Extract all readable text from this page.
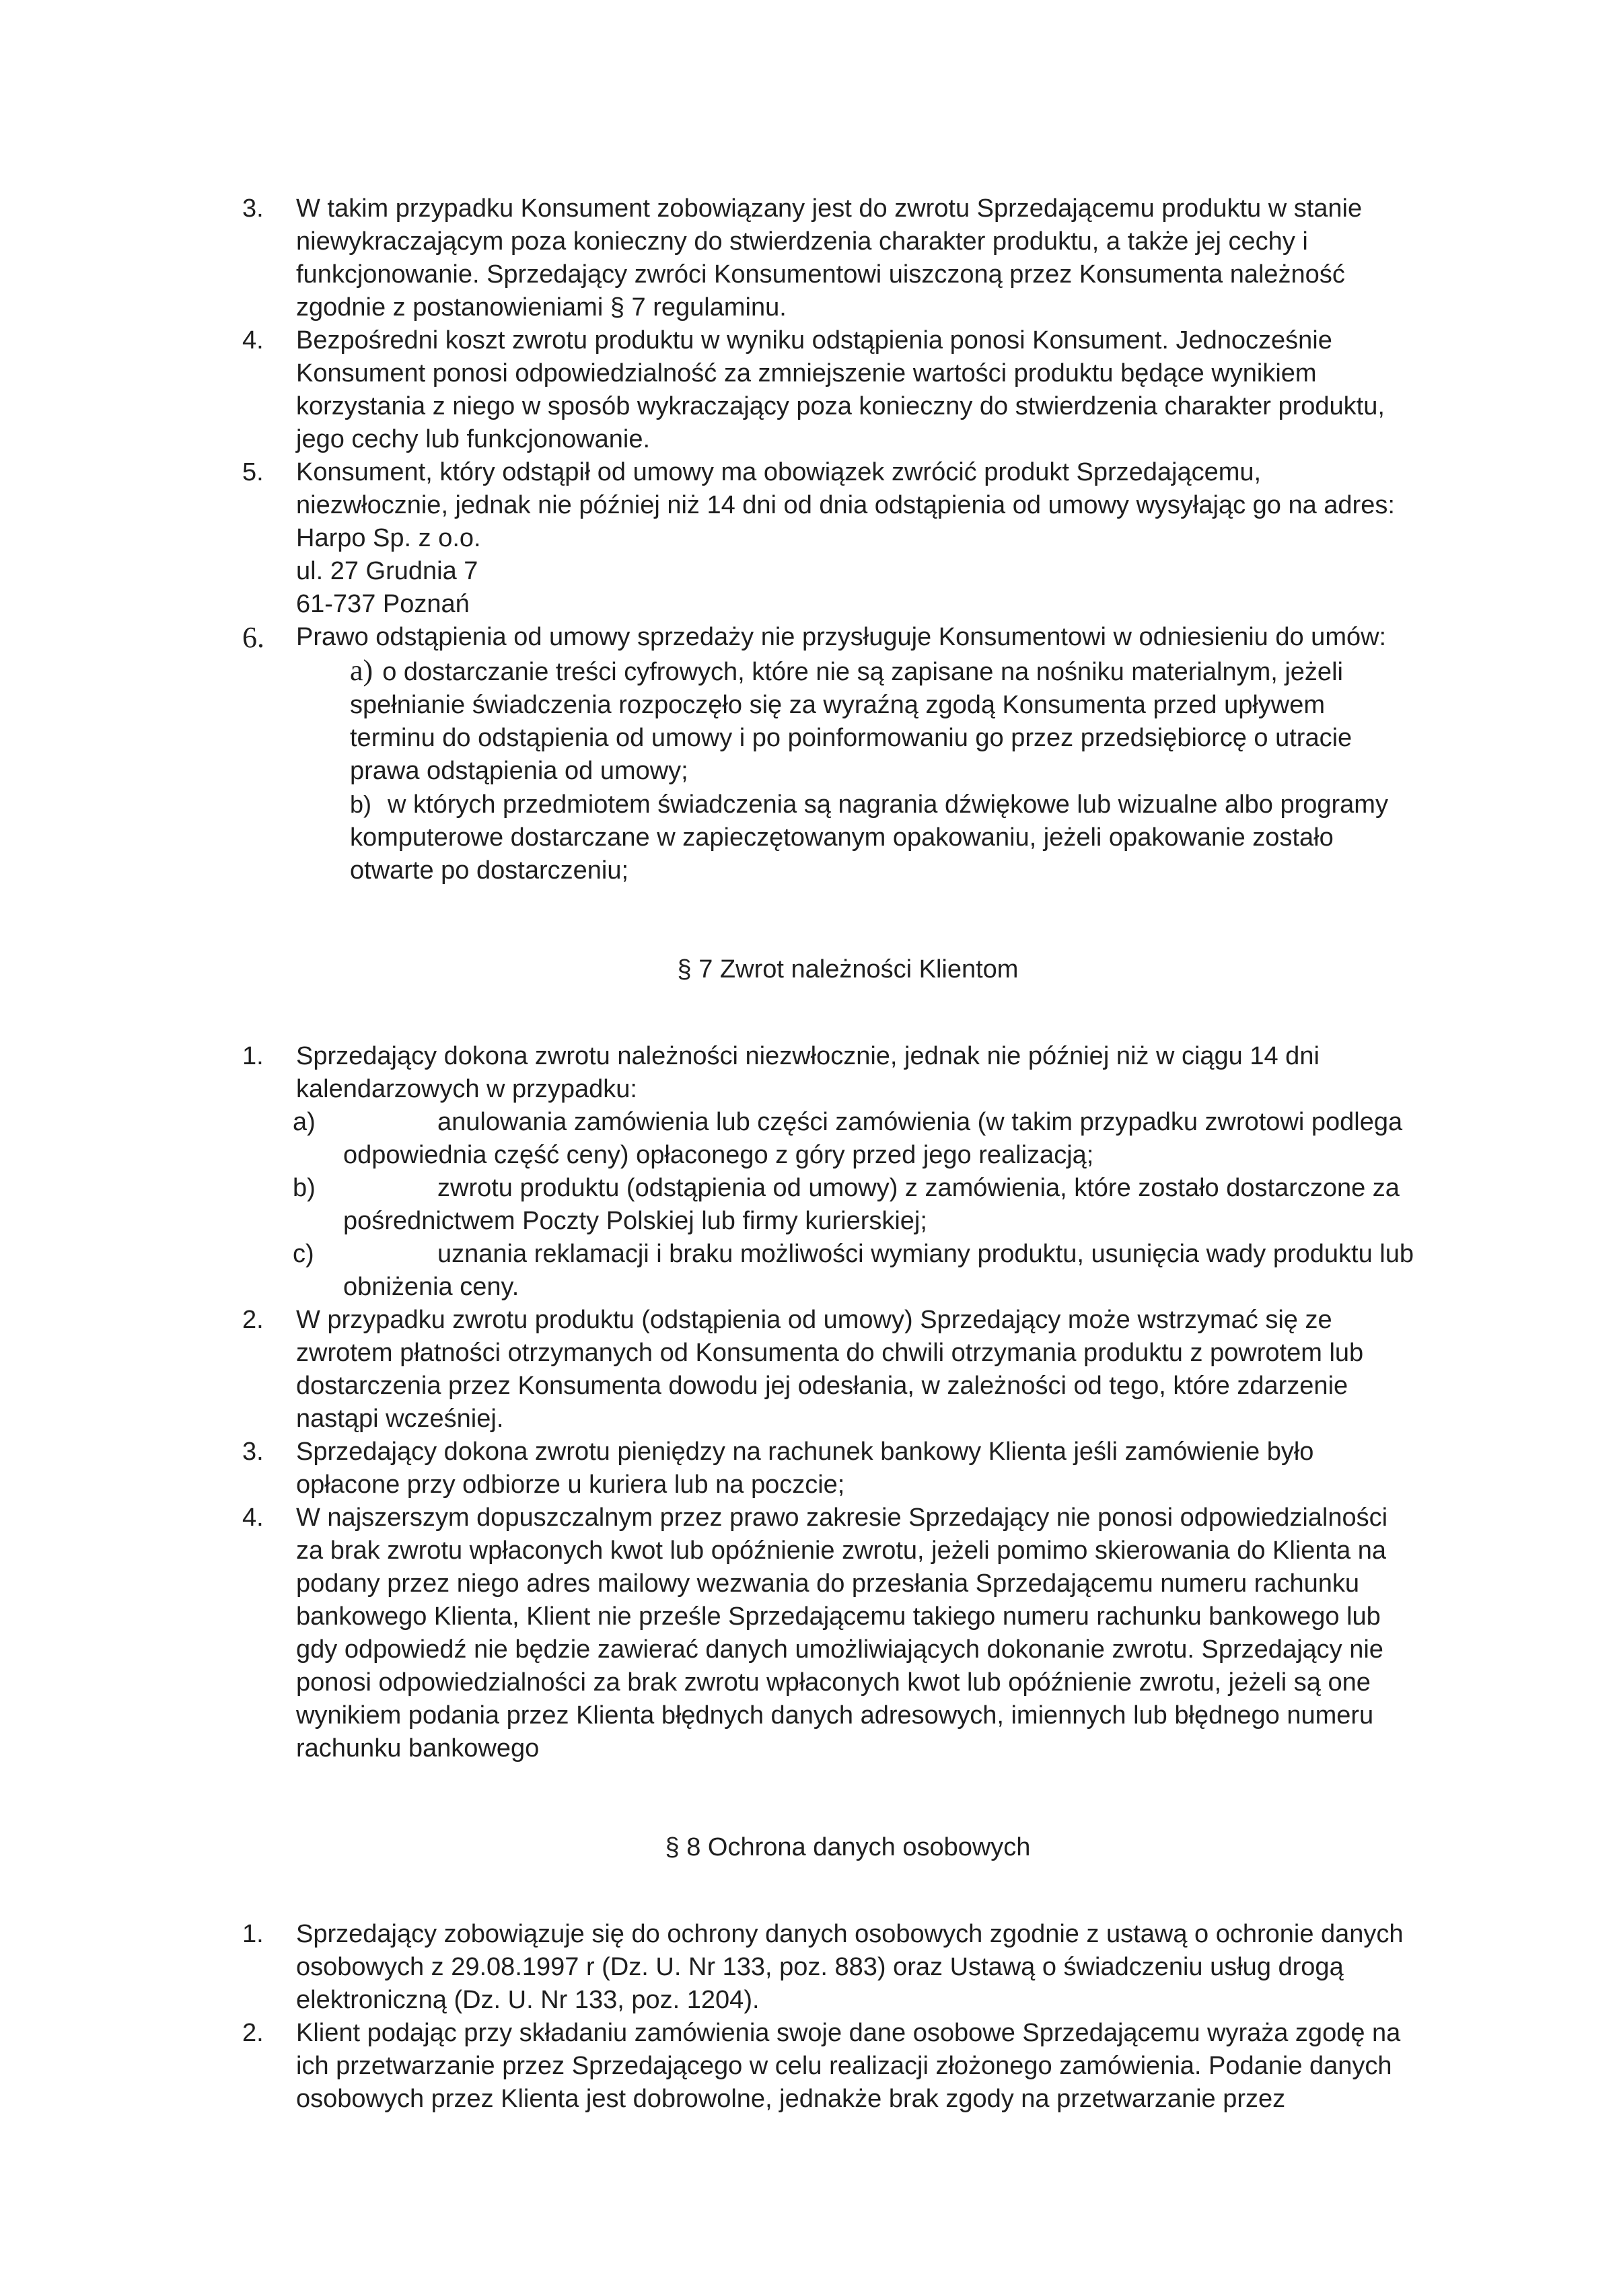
3. W takim przypadku Konsument zobowiązany jest do zwrotu Sprzedającemu produktu w stanie
niewykraczającym poza konieczny do stwierdzenia charakter produktu, a także jej cechy i
funkcjonowanie. Sprzedający zwróci Konsumentowi uiszczoną przez Konsumenta należność
zgodnie z postanowieniami § 7 regulaminu.
4. Bezpośredni koszt zwrotu produktu w wyniku odstąpienia ponosi Konsument. Jednocześnie
Konsument ponosi odpowiedzialność za zmniejszenie wartości produktu będące wynikiem
korzystania z niego w sposób wykraczający poza konieczny do stwierdzenia charakter produktu,
jego cechy lub funkcjonowanie.
5. Konsument, który odstąpił od umowy ma obowiązek zwrócić produkt Sprzedającemu,
niezwłocznie, jednak nie później niż 14 dni od dnia odstąpienia od umowy wysyłając go na adres:
Harpo Sp. z o.o.
ul. 27 Grudnia 7
61-737 Poznań
6. Prawo odstąpienia od umowy sprzedaży nie przysługuje Konsumentowi w odniesieniu do umów:
a) o dostarczanie treści cyfrowych, które nie są zapisane na nośniku materialnym, jeżeli
spełnianie świadczenia rozpoczęło się za wyraźną zgodą Konsumenta przed upływem
terminu do odstąpienia od umowy i po poinformowaniu go przez przedsiębiorcę o utracie
prawa odstąpienia od umowy;
b) w których przedmiotem świadczenia są nagrania dźwiękowe lub wizualne albo programy
komputerowe dostarczane w zapieczętowanym opakowaniu, jeżeli opakowanie zostało
otwarte po dostarczeniu;
§ 7 Zwrot należności Klientom
1. Sprzedający dokona zwrotu należności niezwłocznie, jednak nie później niż w ciągu 14 dni
kalendarzowych w przypadku:
a)	anulowania zamówienia lub części zamówienia (w takim przypadku zwrotowi podlega
odpowiednia część ceny) opłaconego z góry przed jego realizacją;
b)	zwrotu produktu (odstąpienia od umowy) z zamówienia, które zostało dostarczone za
pośrednictwem Poczty Polskiej lub firmy kurierskiej;
c)	uznania reklamacji i braku możliwości wymiany produktu, usunięcia wady produktu lub
obniżenia ceny.
2. W przypadku zwrotu produktu (odstąpienia od umowy) Sprzedający może wstrzymać się ze
zwrotem płatności otrzymanych od Konsumenta do chwili otrzymania produktu z powrotem lub
dostarczenia przez Konsumenta dowodu jej odesłania, w zależności od tego, które zdarzenie
nastąpi wcześniej.
3. Sprzedający dokona zwrotu pieniędzy na rachunek bankowy Klienta jeśli zamówienie było
opłacone przy odbiorze u kuriera lub na poczcie;
4. W najszerszym dopuszczalnym przez prawo zakresie Sprzedający nie ponosi odpowiedzialności
za brak zwrotu wpłaconych kwot lub opóźnienie zwrotu, jeżeli pomimo skierowania do Klienta na
podany przez niego adres mailowy wezwania do przesłania Sprzedającemu numeru rachunku
bankowego Klienta, Klient nie prześle Sprzedającemu takiego numeru rachunku bankowego lub
gdy odpowiedź nie będzie zawierać danych umożliwiających dokonanie zwrotu. Sprzedający nie
ponosi odpowiedzialności za brak zwrotu wpłaconych kwot lub opóźnienie zwrotu, jeżeli są one
wynikiem podania przez Klienta błędnych danych adresowych, imiennych lub błędnego numeru
rachunku bankowego
§ 8 Ochrona danych osobowych
1. Sprzedający zobowiązuje się do ochrony danych osobowych zgodnie z ustawą o ochronie danych
osobowych z 29.08.1997 r (Dz. U. Nr 133, poz. 883) oraz Ustawą o świadczeniu usług drogą
elektroniczną (Dz. U. Nr 133, poz. 1204).
2. Klient podając przy składaniu zamówienia swoje dane osobowe Sprzedającemu wyraża zgodę na
ich przetwarzanie przez Sprzedającego w celu realizacji złożonego zamówienia. Podanie danych
osobowych przez Klienta jest dobrowolne, jednakże brak zgody na przetwarzanie przez
